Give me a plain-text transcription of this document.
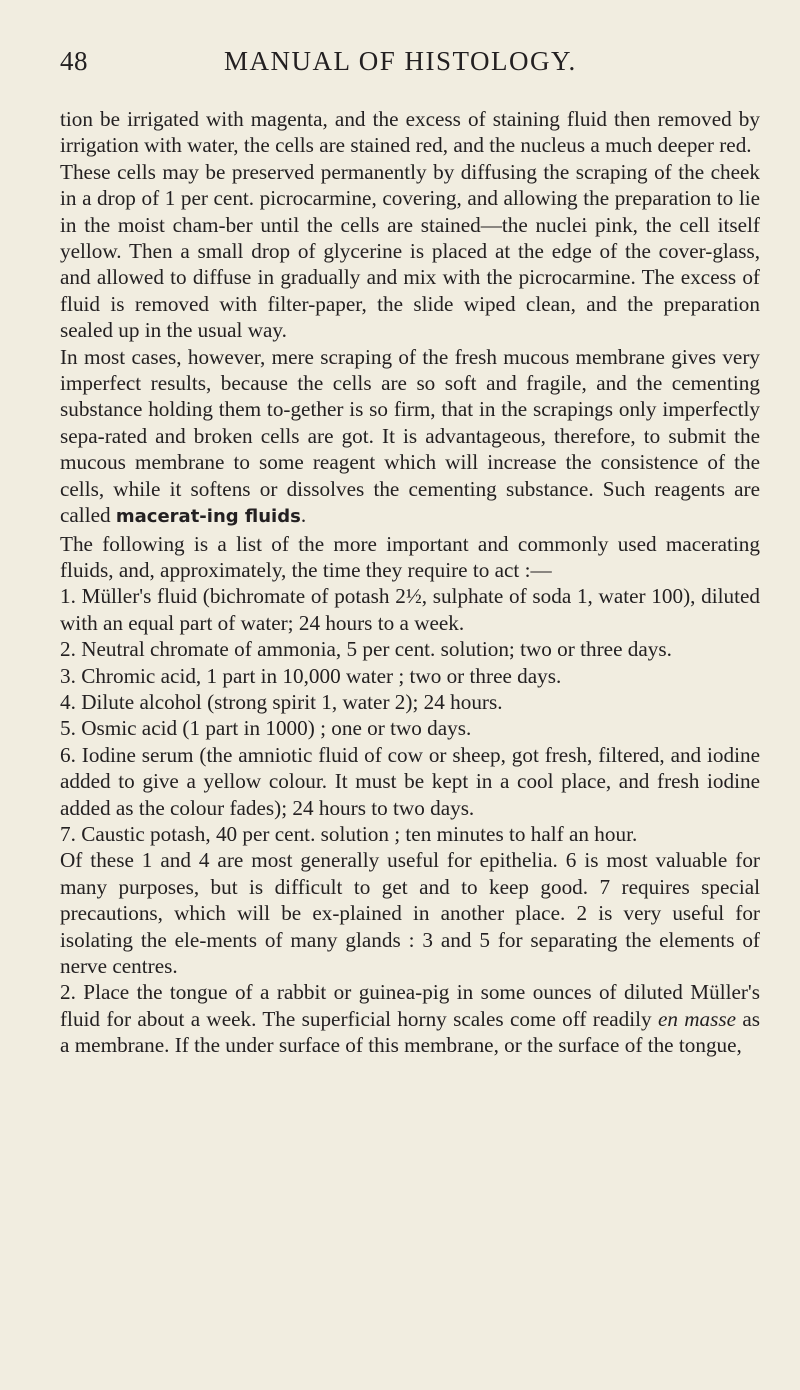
48	MANUAL OF HISTOLOGY.

tion be irrigated with magenta, and the excess of staining fluid then removed by irrigation with water, the cells are stained red, and the nucleus a much deeper red.

These cells may be preserved permanently by diffusing the scraping of the cheek in a drop of 1 per cent. picrocarmine, covering, and allowing the preparation to lie in the moist cham-ber until the cells are stained—the nuclei pink, the cell itself yellow. Then a small drop of glycerine is placed at the edge of the cover-glass, and allowed to diffuse in gradually and mix with the picrocarmine. The excess of fluid is removed with filter-paper, the slide wiped clean, and the preparation sealed up in the usual way.

In most cases, however, mere scraping of the fresh mucous membrane gives very imperfect results, because the cells are so soft and fragile, and the cementing substance holding them to-gether is so firm, that in the scrapings only imperfectly sepa-rated and broken cells are got. It is advantageous, therefore, to submit the mucous membrane to some reagent which will increase the consistence of the cells, while it softens or dissolves the cementing substance. Such reagents are called macerat-ing fluids.

The following is a list of the more important and commonly used macerating fluids, and, approximately, the time they require to act :—

1. Müller's fluid (bichromate of potash 2½, sulphate of soda 1, water 100), diluted with an equal part of water; 24 hours to a week.

2. Neutral chromate of ammonia, 5 per cent. solution; two or three days.

3. Chromic acid, 1 part in 10,000 water ; two or three days.

4. Dilute alcohol (strong spirit 1, water 2); 24 hours.

5. Osmic acid (1 part in 1000) ; one or two days.

6. Iodine serum (the amniotic fluid of cow or sheep, got fresh, filtered, and iodine added to give a yellow colour. It must be kept in a cool place, and fresh iodine added as the colour fades); 24 hours to two days.

7. Caustic potash, 40 per cent. solution ; ten minutes to half an hour.

Of these 1 and 4 are most generally useful for epithelia. 6 is most valuable for many purposes, but is difficult to get and to keep good. 7 requires special precautions, which will be ex-plained in another place. 2 is very useful for isolating the ele-ments of many glands : 3 and 5 for separating the elements of nerve centres.

2. Place the tongue of a rabbit or guinea-pig in some ounces of diluted Müller's fluid for about a week. The superficial horny scales come off readily en masse as a membrane. If the under surface of this membrane, or the surface of the tongue,
